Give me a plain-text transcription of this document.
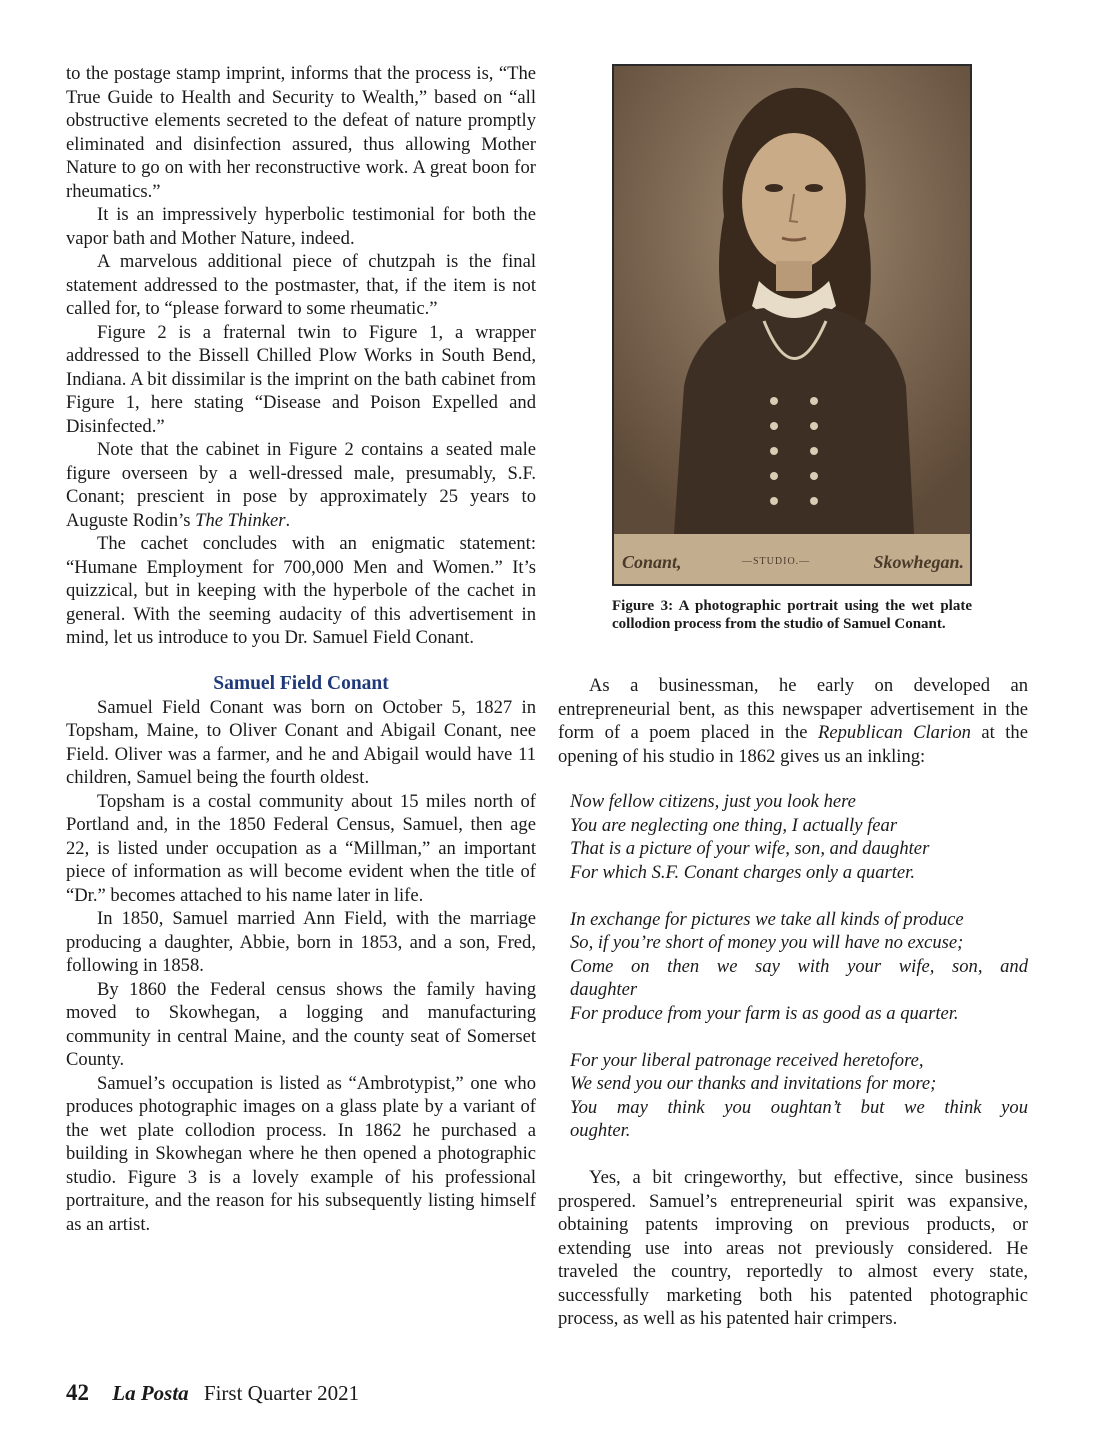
to the postage stamp imprint, informs that the process is, “The True Guide to Health and Security to Wealth,” based on “all obstructive elements secreted to the defeat of nature promptly eliminated and disinfection assured, thus allowing Mother Nature to go on with her reconstructive work. A great boon for rheumatics.”

It is an impressively hyperbolic testimonial for both the vapor bath and Mother Nature, indeed.

A marvelous additional piece of chutzpah is the final statement addressed to the postmaster, that, if the item is not called for, to “please forward to some rheumatic.”

Figure 2 is a fraternal twin to Figure 1, a wrapper addressed to the Bissell Chilled Plow Works in South Bend, Indiana. A bit dissimilar is the imprint on the bath cabinet from Figure 1, here stating “Disease and Poison Expelled and Disinfected.”

Note that the cabinet in Figure 2 contains a seated male figure overseen by a well-dressed male, presumably, S.F. Conant; prescient in pose by approximately 25 years to Auguste Rodin’s The Thinker.

The cachet concludes with an enigmatic statement: “Humane Employment for 700,000 Men and Women.” It’s quizzical, but in keeping with the hyperbole of the cachet in general. With the seeming audacity of this advertisement in mind, let us introduce to you Dr. Samuel Field Conant.

Samuel Field Conant

Samuel Field Conant was born on October 5, 1827 in Topsham, Maine, to Oliver Conant and Abigail Conant, nee Field. Oliver was a farmer, and he and Abigail would have 11 children, Samuel being the fourth oldest.

Topsham is a costal community about 15 miles north of Portland and, in the 1850 Federal Census, Samuel, then age 22, is listed under occupation as a “Millman,” an important piece of information as will become evident when the title of “Dr.” becomes attached to his name later in life.

In 1850, Samuel married Ann Field, with the marriage producing a daughter, Abbie, born in 1853, and a son, Fred, following in 1858.

By 1860 the Federal census shows the family having moved to Skowhegan, a logging and manufacturing community in central Maine, and the county seat of Somerset County.

Samuel’s occupation is listed as “Ambrotypist,” one who produces photographic images on a glass plate by a variant of the wet plate collodion process. In 1862 he purchased a building in Skowhegan where he then opened a photographic studio. Figure 3 is a lovely example of his professional portraiture, and the reason for his subsequently listing himself as an artist.

Conant,	—STUDIO.—	Skowhegan.
Figure 3: A photographic portrait using the wet plate collodion process from the studio of Samuel Conant.

As a businessman, he early on developed an entrepreneurial bent, as this newspaper advertisement in the form of a poem placed in the Republican Clarion at the opening of his studio in 1862 gives us an inkling:

Now fellow citizens, just you look here
You are neglecting one thing, I actually fear
That is a picture of your wife, son, and daughter
For which S.F. Conant charges only a quarter.
In exchange for pictures we take all kinds of produce
So, if you’re short of money you will have no excuse;
Come on then we say with your wife, son, and
daughter
For produce from your farm is as good as a quarter.
For your liberal patronage received heretofore,
We send you our thanks and invitations for more;
You may think you oughtan’t but we think you
oughter.

Yes, a bit cringeworthy, but effective, since business prospered. Samuel’s entrepreneurial spirit was expansive, obtaining patents improving on previous products, or extending use into areas not previously considered. He traveled the country, reportedly to almost every state, successfully marketing both his patented photographic process, as well as his patented hair crimpers.

42 La Posta First Quarter 2021
